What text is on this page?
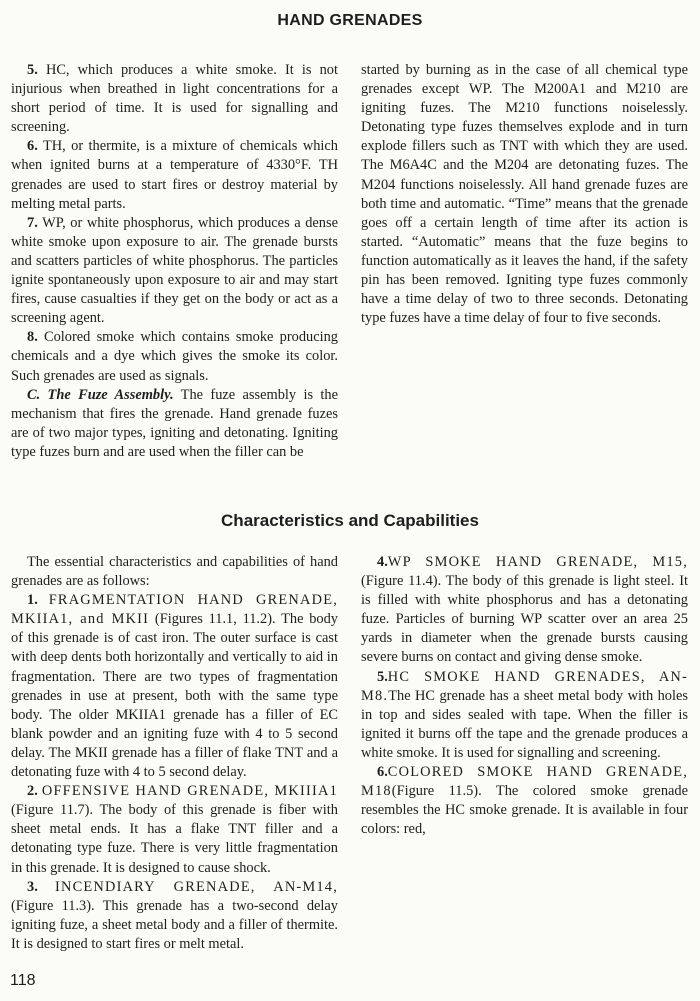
HAND GRENADES

5. HC, which produces a white smoke. It is not injurious when breathed in light concentrations for a short period of time. It is used for signalling and screening.

6. TH, or thermite, is a mixture of chemicals which when ignited burns at a temperature of 4330°F. TH grenades are used to start fires or destroy material by melting metal parts.

7. WP, or white phosphorus, which produces a dense white smoke upon exposure to air. The grenade bursts and scatters particles of white phosphorus. The particles ignite spontaneously upon exposure to air and may start fires, cause casualties if they get on the body or act as a screening agent.

8. Colored smoke which contains smoke producing chemicals and a dye which gives the smoke its color. Such grenades are used as signals.

C. The Fuze Assembly. The fuze assembly is the mechanism that fires the grenade. Hand grenade fuzes are of two major types, igniting and detonating. Igniting type fuzes burn and are used when the filler can be

started by burning as in the case of all chemical type grenades except WP. The M200A1 and M210 are igniting fuzes. The M210 functions noiselessly. Detonating type fuzes themselves explode and in turn explode fillers such as TNT with which they are used. The M6A4C and the M204 are detonating fuzes. The M204 functions noiselessly. All hand grenade fuzes are both time and automatic. “Time” means that the grenade goes off a certain length of time after its action is started. “Automatic” means that the fuze begins to function automatically as it leaves the hand, if the safety pin has been removed. Igniting type fuzes commonly have a time delay of two to three seconds. Detonating type fuzes have a time delay of four to five seconds.

Characteristics and Capabilities

The essential characteristics and capabilities of hand grenades are as follows:

1. FRAGMENTATION HAND GRENADE, MKIIA1, and MKII (Figures 11.1, 11.2). The body of this grenade is of cast iron. The outer surface is cast with deep dents both horizontally and vertically to aid in fragmentation. There are two types of fragmentation grenades in use at present, both with the same type body. The older MKIIA1 grenade has a filler of EC blank powder and an igniting fuze with 4 to 5 second delay. The MKII grenade has a filler of flake TNT and a detonating fuze with 4 to 5 second delay.

2. OFFENSIVE HAND GRENADE, MKIIIA1 (Figure 11.7). The body of this grenade is fiber with sheet metal ends. It has a flake TNT filler and a detonating type fuze. There is very little fragmentation in this grenade. It is designed to cause shock.

3. INCENDIARY GRENADE, AN-M14, (Figure 11.3). This grenade has a two-second delay igniting fuze, a sheet metal body and a filler of thermite. It is designed to start fires or melt metal.

4.WP SMOKE HAND GRENADE, M15,(Figure 11.4). The body of this grenade is light steel. It is filled with white phosphorus and has a detonating fuze. Particles of burning WP scatter over an area 25 yards in diameter when the grenade bursts causing severe burns on contact and giving dense smoke.

5.HC SMOKE HAND GRENADES, AN-M8.The HC grenade has a sheet metal body with holes in top and sides sealed with tape. When the filler is ignited it burns off the tape and the grenade produces a white smoke. It is used for signalling and screening.

6.COLORED SMOKE HAND GRENADE, M18(Figure 11.5). The colored smoke grenade resembles the HC smoke grenade. It is available in four colors: red,

118
